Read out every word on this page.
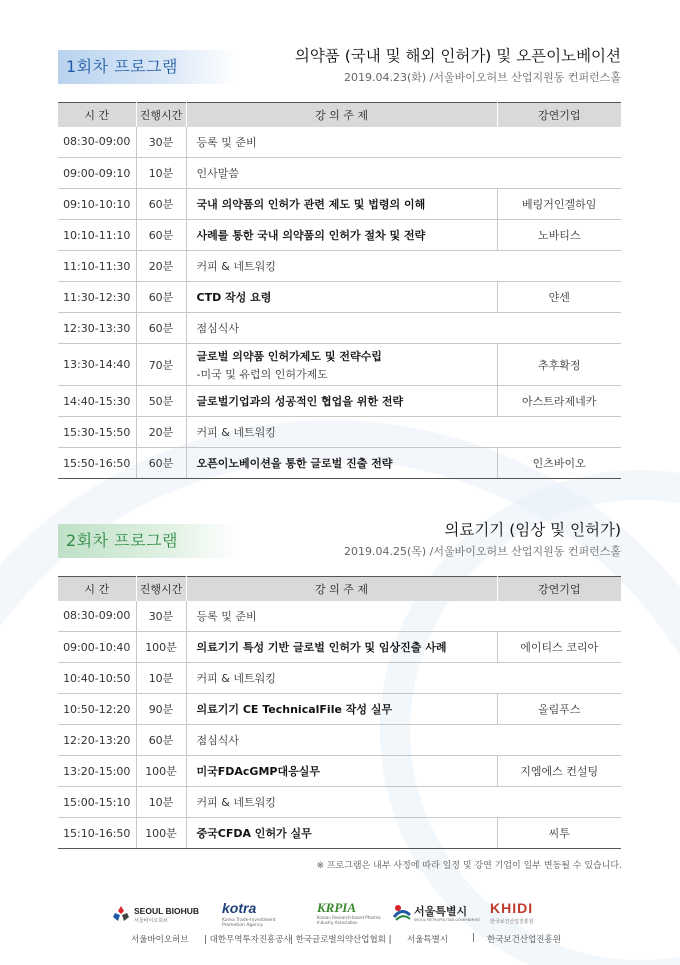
1회차 프로그램
의약품 (국내 및 해외 인허가) 및 오픈이노베이션
2019.04.23(화) /서울바이오허브 산업지원동 컨퍼런스홀
시 간	진행시간	강 의 주 제	강연기업
08:30-09:00	30분	등록 및 준비	
09:00-09:10	10분	인사말씀	
09:10-10:10	60분	국내 의약품의 인허가 관련 제도 및 법령의 이해	베링거인겔하임
10:10-11:10	60분	사례를 통한 국내 의약품의 인허가 절차 및 전략	노바티스
11:10-11:30	20분	커피 & 네트워킹	
11:30-12:30	60분	CTD 작성 요령	얀센
12:30-13:30	60분	점심식사	
13:30-14:40	70분	글로벌 의약품 인허가제도 및 전략수립
-미국 및 유럽의 인허가제도	추후확정
14:40-15:30	50분	글로벌기업과의 성공적인 협업을 위한 전략	아스트라제네카
15:30-15:50	20분	커피 & 네트워킹	
15:50-16:50	60분	오픈이노베이션을 통한 글로벌 진출 전략	인츠바이오
2회차 프로그램
의료기기 (임상 및 인허가)
2019.04.25(목) /서울바이오허브 산업지원동 컨퍼런스홀
시 간	진행시간	강 의 주 제	강연기업
08:30-09:00	30분	등록 및 준비	
09:00-10:40	100분	의료기기 특성 기반 글로벌 인허가 및 임상진출 사례	에이티스 코리아
10:40-10:50	10분	커피 & 네트워킹	
10:50-12:20	90분	의료기기 CE TechnicalFile 작성 실무	올림푸스
12:20-13:20	60분	점심식사	
13:20-15:00	100분	미국FDAcGMP대응실무	지엠에스 컨설팅
15:00-15:10	10분	커피 & 네트워킹	
15:10-16:50	100분	중국CFDA 인허가 실무	씨투
※ 프로그램은 내부 사정에 따라 일정 및 강연 기업이 일부 변동될 수 있습니다.
SEOUL BIOHUB
서울바이오허브
kotra
Korea Trade-Investment Promotion Agency
KRPIA
Korean Research-based Pharma Industry Association
서울특별시
SEOUL METROPOLITAN GOVERNMENT
KHIDI
한국보건산업진흥원
서울바이오허브 | 대한무역투자진흥공사
| 한국글로벌의약산업협회 | 서울특별시	| 한국보건산업진흥원
